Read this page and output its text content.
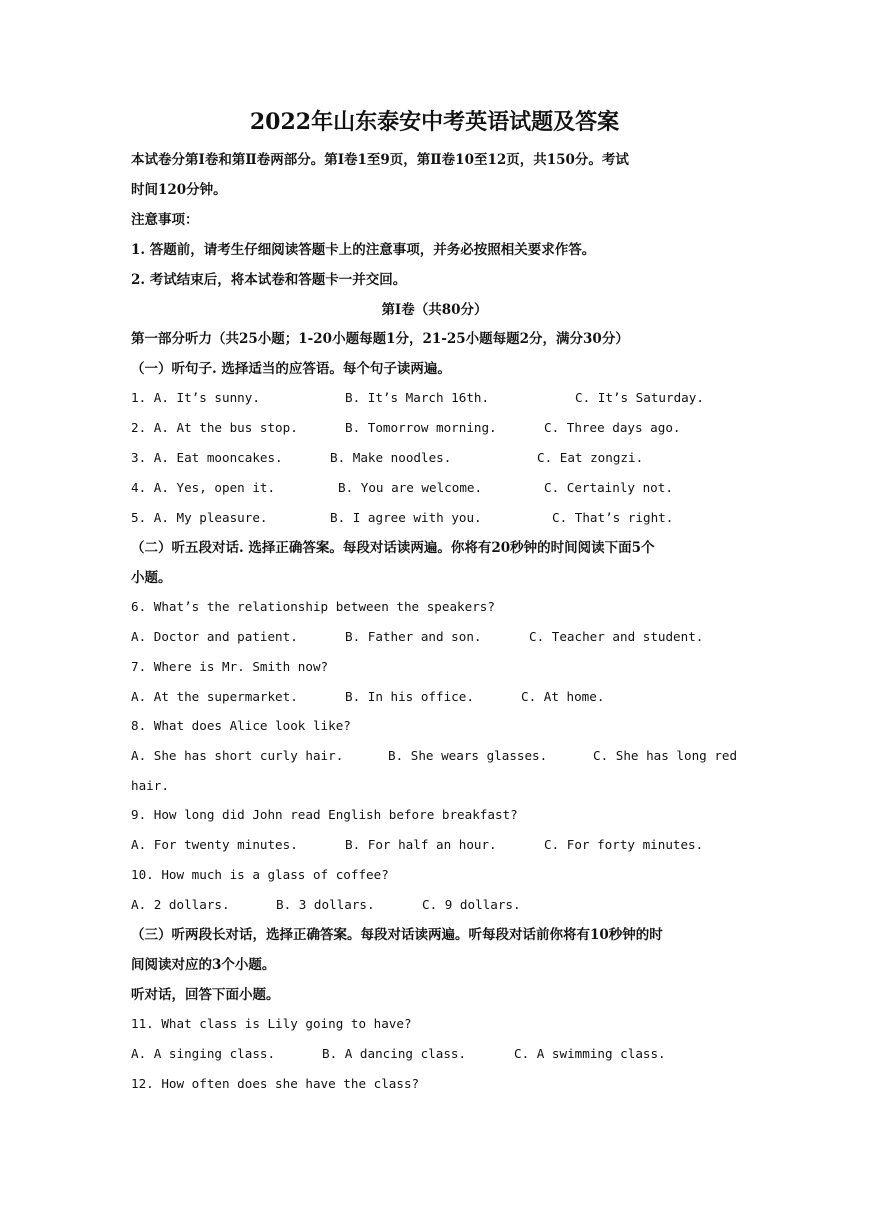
2022年山东泰安中考英语试题及答案
本试卷分第Ⅰ卷和第Ⅱ卷两部分。第Ⅰ卷1至9页，第Ⅱ卷10至12页，共150分。考试
时间120分钟。
注意事项：
1. 答题前，请考生仔细阅读答题卡上的注意事项，并务必按照相关要求作答。
2. 考试结束后，将本试卷和答题卡一并交回。
第Ⅰ卷（共80分）
第一部分听力（共25小题；1-20小题每题1分，21-25小题每题2分，满分30分）
（一）听句子. 选择适当的应答语。每个句子读两遍。
1. A. It’s sunny.	B. It’s March 16th.	C. It’s Saturday.
2. A. At the bus stop.	B. Tomorrow morning.	C. Three days ago.
3. A. Eat mooncakes.	B. Make noodles.	C. Eat zongzi.
4. A. Yes, open it.	B. You are welcome.	C. Certainly not.
5. A. My pleasure.	B. I agree with you.	C. That’s right.
（二）听五段对话. 选择正确答案。每段对话读两遍。你将有20秒钟的时间阅读下面5个
小题。
6. What’s the relationship between the speakers?
A. Doctor and patient.	B. Father and son.	C. Teacher and student.
7. Where is Mr. Smith now?
A. At the supermarket.	B. In his office.	C. At home.
8. What does Alice look like?
A. She has short curly hair.	B. She wears glasses.	C. She has long red
hair.
9. How long did John read English before breakfast?
A. For twenty minutes.	B. For half an hour.	C. For forty minutes.
10. How much is a glass of coffee?
A. 2 dollars.	B. 3 dollars.	C. 9 dollars.
（三）听两段长对话，选择正确答案。每段对话读两遍。听每段对话前你将有10秒钟的时
间阅读对应的3个小题。
听对话，回答下面小题。
11. What class is Lily going to have?
A. A singing class.	B. A dancing class.	C. A swimming class.
12. How often does she have the class?
